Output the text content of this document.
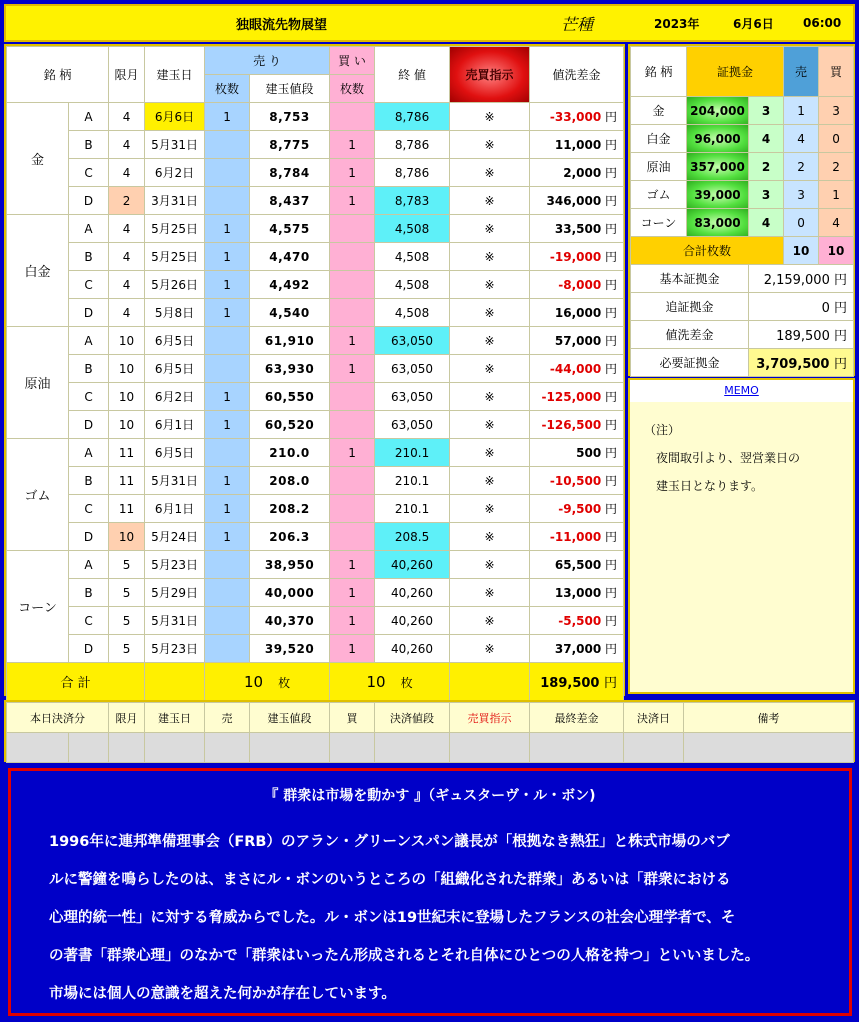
独眼流先物展望	芒種	2023年	6月6日 06:00
銘 柄		限月	建玉日	売 り		買 い	終 値	売買指示	値洗差金
				枚数	建玉値段	枚数			
金	A	4	6月6日	1	8,753		8,786	※	-33,000 円
	B	4	5月31日		8,775	1	8,786	※	11,000 円
	C	4	6月2日		8,784	1	8,786	※	2,000 円
	D	2	3月31日		8,437	1	8,783	※	346,000 円
白金	A	4	5月25日	1	4,575		4,508	※	33,500 円
	B	4	5月25日	1	4,470		4,508	※	-19,000 円
	C	4	5月26日	1	4,492		4,508	※	-8,000 円
	D	4	5月8日	1	4,540		4,508	※	16,000 円
原油	A	10	6月5日		61,910	1	63,050	※	57,000 円
	B	10	6月5日		63,930	1	63,050	※	-44,000 円
	C	10	6月2日	1	60,550		63,050	※	-125,000 円
	D	10	6月1日	1	60,520		63,050	※	-126,500 円
ゴム	A	11	6月5日		210.0	1	210.1	※	500 円
	B	11	5月31日	1	208.0		210.1	※	-10,500 円
	C	11	6月1日	1	208.2		210.1	※	-9,500 円
	D	10	5月24日	1	206.3		208.5	※	-11,000 円
コーン	A	5	5月23日		38,950	1	40,260	※	65,500 円
	B	5	5月29日		40,000	1	40,260	※	13,000 円
	C	5	5月31日		40,370	1	40,260	※	-5,500 円
	D	5	5月23日		39,520	1	40,260	※	37,000 円
合 計				10　 枚		10　 枚			189,500 円
銘 柄	証拠金		売	買
金	204,000	3	1	3
白金	96,000	4	4	0
原油	357,000	2	2	2
ゴム	39,000	3	3	1
コーン	83,000	4	0	4
合計枚数			10	10
基本証拠金		2,159,000 円		
追証拠金		0 円		
値洗差金		189,500 円		
必要証拠金		3,709,500 円		
MEMO
（注）
　夜間取引より、翌営業日の
　建玉日となります。
本日決済分		限月	建玉日	売	建玉値段	買	決済値段	売買指示	最終差金	決済日	備考

『 群衆は市場を動かす 』（ギュスターヴ・ル・ボン)
1996年に連邦準備理事会（FRB）のアラン・グリーンスパン議長が「根拠なき熱狂」と株式市場のバブ
ルに警鐘を鳴らしたのは、まさにル・ボンのいうところの「組織化された群衆」あるいは「群衆における
心理的統一性」に対する脅威からでした。ル・ボンは19世紀末に登場したフランスの社会心理学者で、そ
の著書「群衆心理」のなかで「群衆はいったん形成されるとそれ自体にひとつの人格を持つ」といいました。
市場には個人の意識を超えた何かが存在しています。
